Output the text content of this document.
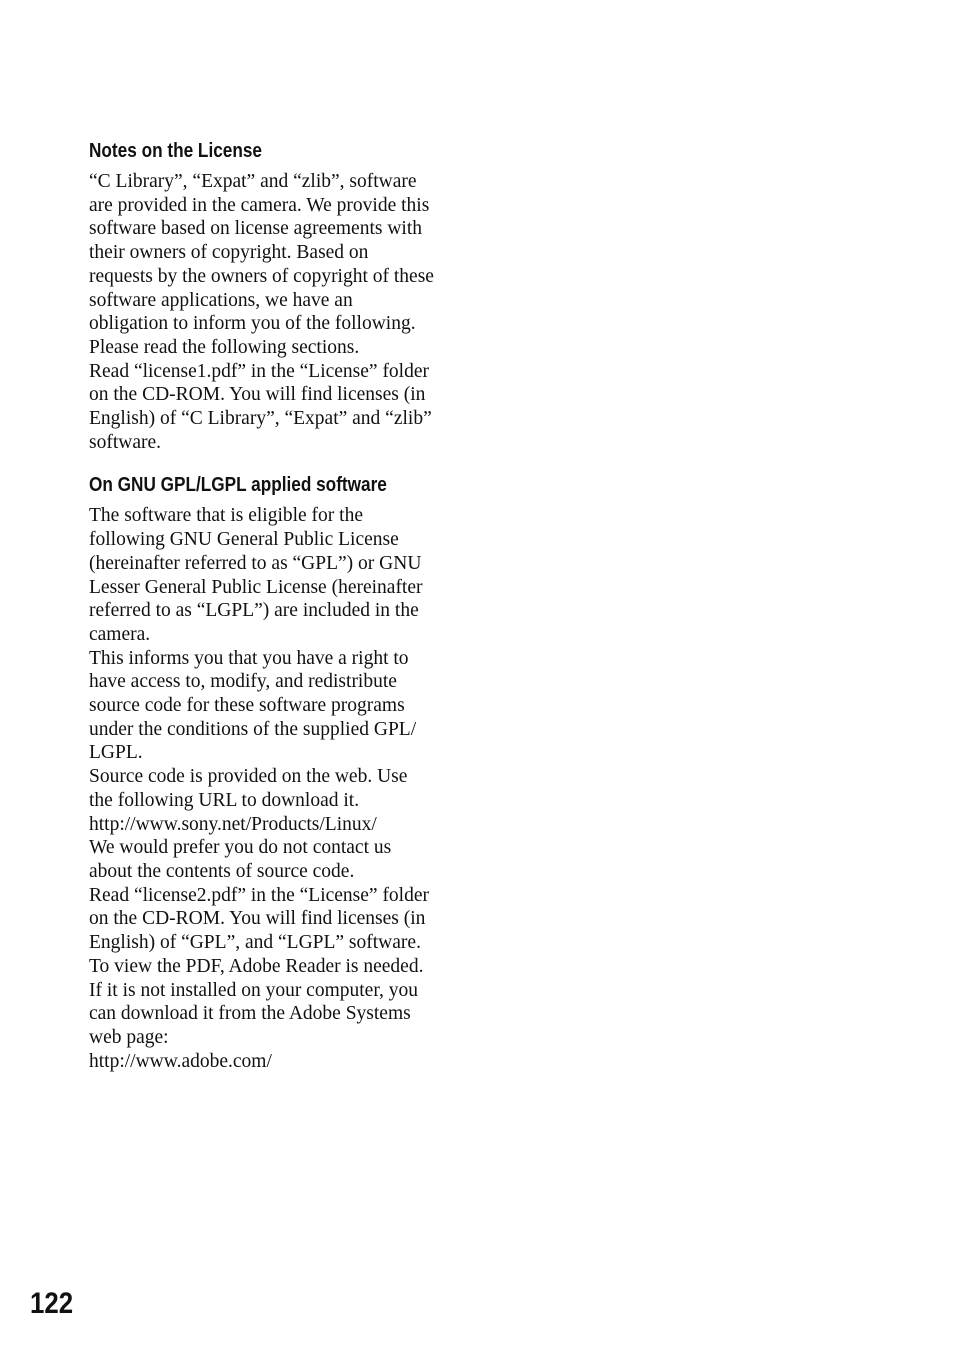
Notes on the License
“C Library”, “Expat” and “zlib”, software
are provided in the camera. We provide this
software based on license agreements with
their owners of copyright. Based on
requests by the owners of copyright of these
software applications, we have an
obligation to inform you of the following.
Please read the following sections.
Read “license1.pdf” in the “License” folder
on the CD-ROM. You will find licenses (in
English) of “C Library”, “Expat” and “zlib”
software.
On GNU GPL/LGPL applied software
The software that is eligible for the
following GNU General Public License
(hereinafter referred to as “GPL”) or GNU
Lesser General Public License (hereinafter
referred to as “LGPL”) are included in the
camera.
This informs you that you have a right to
have access to, modify, and redistribute
source code for these software programs
under the conditions of the supplied GPL/
LGPL.
Source code is provided on the web. Use
the following URL to download it.
http://www.sony.net/Products/Linux/
We would prefer you do not contact us
about the contents of source code.
Read “license2.pdf” in the “License” folder
on the CD-ROM. You will find licenses (in
English) of “GPL”, and “LGPL” software.
To view the PDF, Adobe Reader is needed.
If it is not installed on your computer, you
can download it from the Adobe Systems
web page:
http://www.adobe.com/
122
